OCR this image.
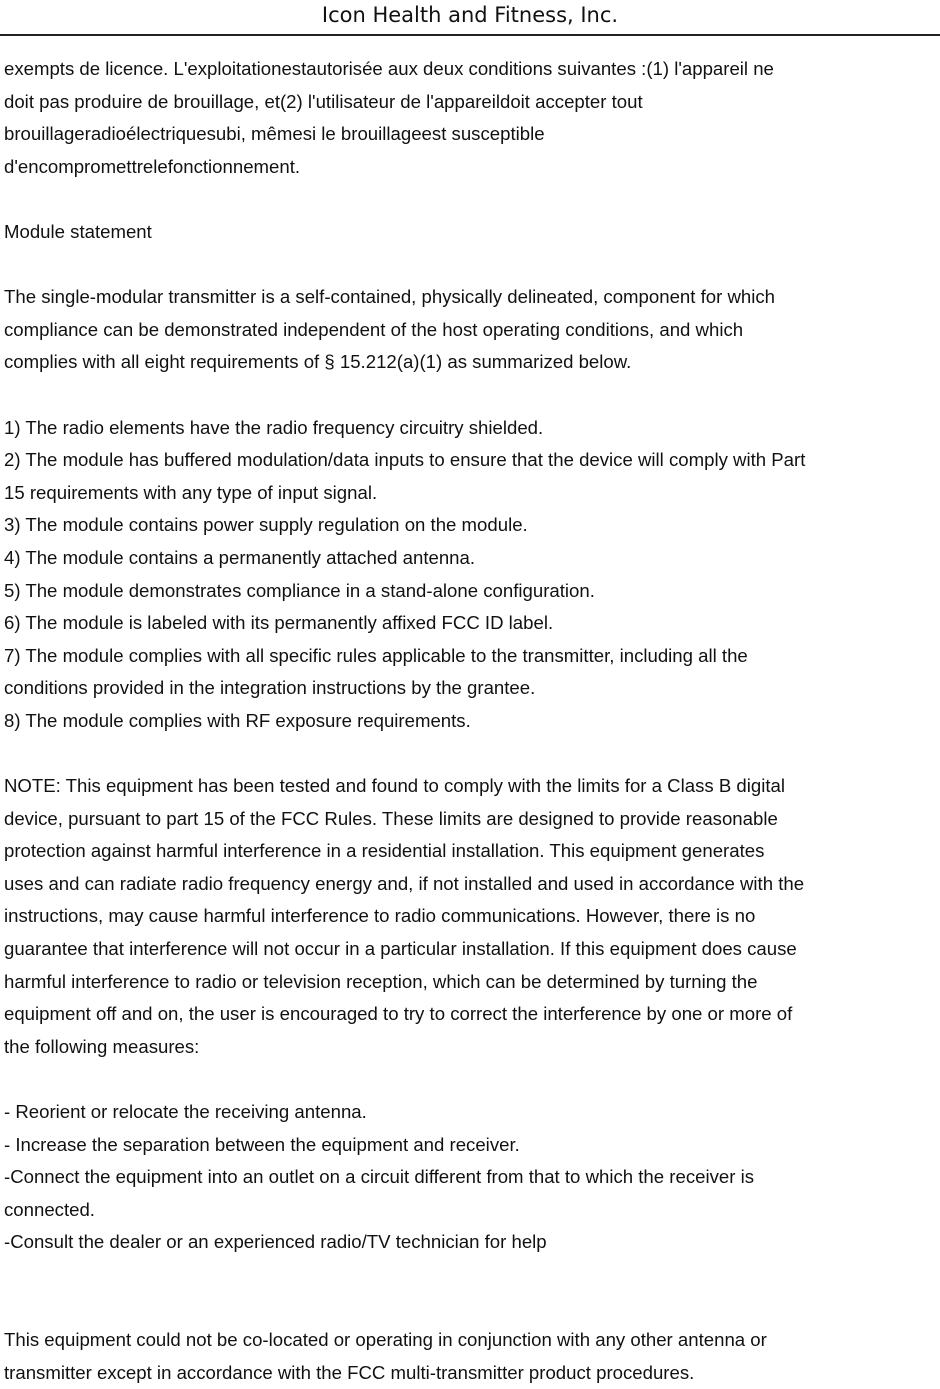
Icon Health and Fitness, Inc.

exempts de licence. L'exploitationestautorisée aux deux conditions suivantes :(1) l'appareil ne

doit pas produire de brouillage, et(2) l'utilisateur de l'appareildoit accepter tout

brouillageradioélectriquesubi, mêmesi le brouillageest susceptible

d'encompromettrelefonctionnement.

Module statement

The single-modular transmitter is a self-contained, physically delineated, component for which

compliance can be demonstrated independent of the host operating conditions, and which

complies with all eight requirements of § 15.212(a)(1) as summarized below.

1) The radio elements have the radio frequency circuitry shielded.

2) The module has buffered modulation/data inputs to ensure that the device will comply with Part

15 requirements with any type of input signal.

3) The module contains power supply regulation on the module.

4) The module contains a permanently attached antenna.

5) The module demonstrates compliance in a stand-alone configuration.

6) The module is labeled with its permanently affixed FCC ID label.

7) The module complies with all specific rules applicable to the transmitter, including all the

conditions provided in the integration instructions by the grantee.

8) The module complies with RF exposure requirements.

NOTE: This equipment has been tested and found to comply with the limits for a Class B digital

device, pursuant to part 15 of the FCC Rules. These limits are designed to provide reasonable

protection against harmful interference in a residential installation. This equipment generates

uses and can radiate radio frequency energy and, if not installed and used in accordance with the

instructions, may cause harmful interference to radio communications. However, there is no

guarantee that interference will not occur in a particular installation. If this equipment does cause

harmful interference to radio or television reception, which can be determined by turning the

equipment off and on, the user is encouraged to try to correct the interference by one or more of

the following measures:

- Reorient or relocate the receiving antenna.

- Increase the separation between the equipment and receiver.

-Connect the equipment into an outlet on a circuit different from that to which the receiver is

connected.

-Consult the dealer or an experienced radio/TV technician for help

This equipment could not be co-located or operating in conjunction with any other antenna or

transmitter except in accordance with the FCC multi-transmitter product procedures.
